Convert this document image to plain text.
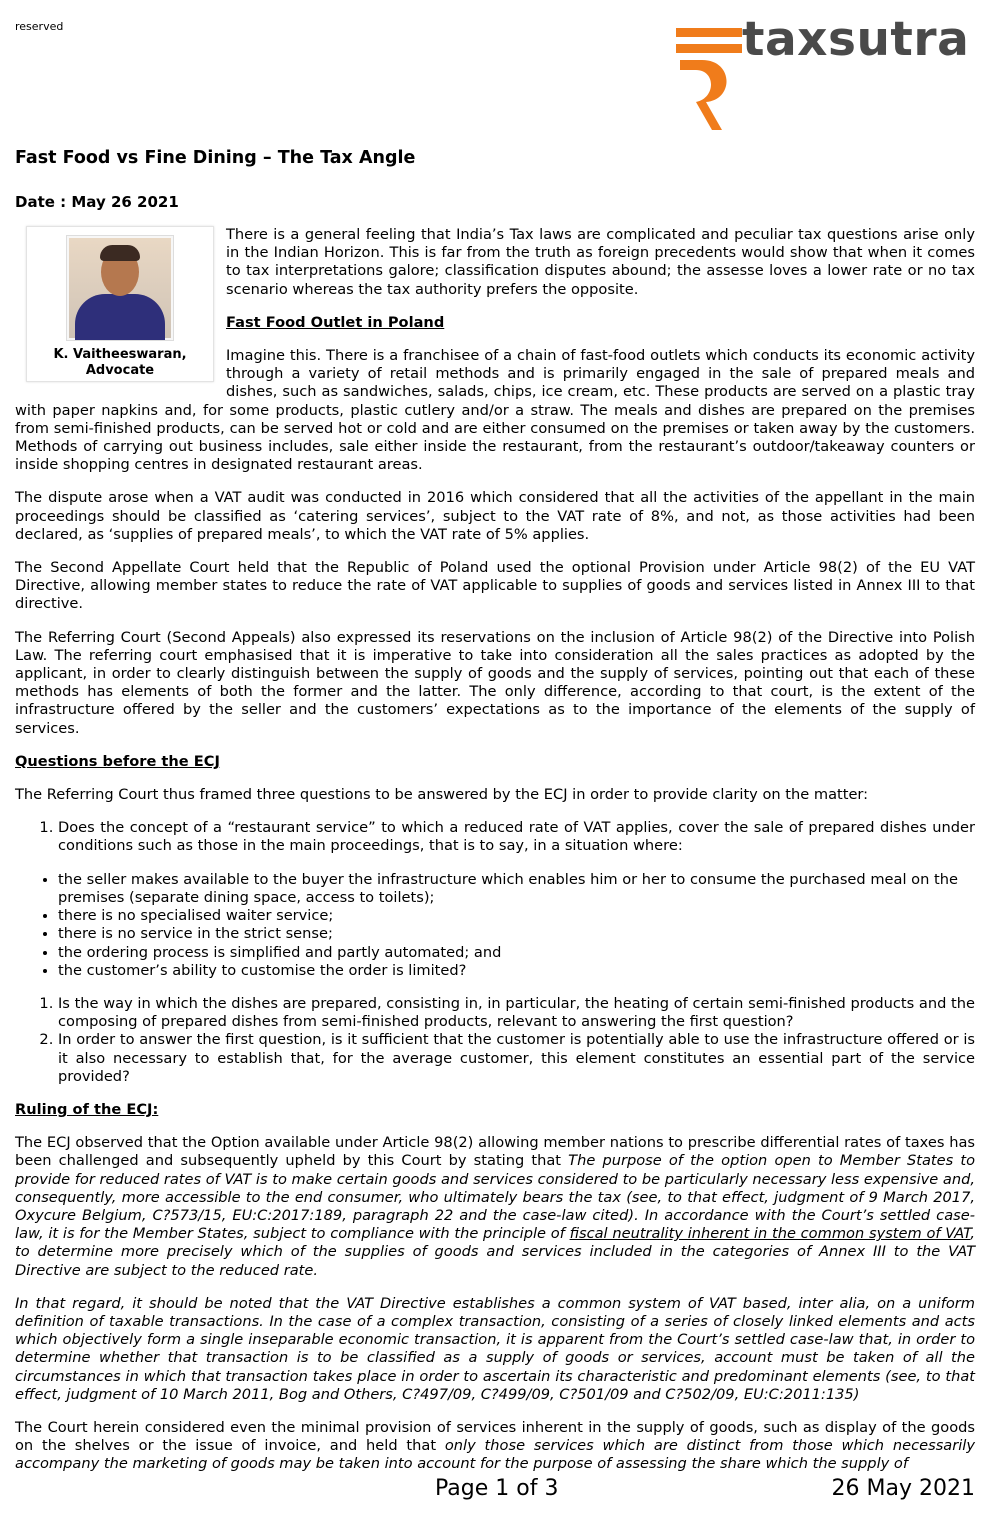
reserved	taxsutra
Fast Food vs Fine Dining – The Tax Angle
Date : May 26 2021
K. Vaitheeswaran,
Advocate

There is a general feeling that India’s Tax laws are complicated and peculiar tax questions arise only in the Indian Horizon. This is far from the truth as foreign precedents would show that when it comes to tax interpretations galore; classification disputes abound; the assesse loves a lower rate or no tax scenario whereas the tax authority prefers the opposite.

Fast Food Outlet in Poland

Imagine this. There is a franchisee of a chain of fast-food outlets which conducts its economic activity through a variety of retail methods and is primarily engaged in the sale of prepared meals and dishes, such as sandwiches, salads, chips, ice cream, etc. These products are served on a plastic tray with paper napkins and, for some products, plastic cutlery and/or a straw. The meals and dishes are prepared on the premises from semi-finished products, can be served hot or cold and are either consumed on the premises or taken away by the customers. Methods of carrying out business includes, sale either inside the restaurant, from the restaurant’s outdoor/takeaway counters or inside shopping centres in designated restaurant areas.

The dispute arose when a VAT audit was conducted in 2016 which considered that all the activities of the appellant in the main proceedings should be classified as ‘catering services’, subject to the VAT rate of 8%, and not, as those activities had been declared, as ‘supplies of prepared meals’, to which the VAT rate of 5% applies.

The Second Appellate Court held that the Republic of Poland used the optional Provision under Article 98(2) of the EU VAT Directive, allowing member states to reduce the rate of VAT applicable to supplies of goods and services listed in Annex III to that directive.

The Referring Court (Second Appeals) also expressed its reservations on the inclusion of Article 98(2) of the Directive into Polish Law. The referring court emphasised that it is imperative to take into consideration all the sales practices as adopted by the applicant, in order to clearly distinguish between the supply of goods and the supply of services, pointing out that each of these methods has elements of both the former and the latter. The only difference, according to that court, is the extent of the infrastructure offered by the seller and the customers’ expectations as to the importance of the elements of the supply of services.

Questions before the ECJ

The Referring Court thus framed three questions to be answered by the ECJ in order to provide clarity on the matter:

1. Does the concept of a “restaurant service” to which a reduced rate of VAT applies, cover the sale of prepared dishes under conditions such as those in the main proceedings, that is to say, in a situation where:
• the seller makes available to the buyer the infrastructure which enables him or her to consume the purchased meal on the premises (separate dining space, access to toilets);
• there is no specialised waiter service;
• there is no service in the strict sense;
• the ordering process is simplified and partly automated; and
• the customer’s ability to customise the order is limited?
1. Is the way in which the dishes are prepared, consisting in, in particular, the heating of certain semi-finished products and the composing of prepared dishes from semi-finished products, relevant to answering the first question?
2. In order to answer the first question, is it sufficient that the customer is potentially able to use the infrastructure offered or is it also necessary to establish that, for the average customer, this element constitutes an essential part of the service provided?
Ruling of the ECJ:

The ECJ observed that the Option available under Article 98(2) allowing member nations to prescribe differential rates of taxes has been challenged and subsequently upheld by this Court by stating that The purpose of the option open to Member States to provide for reduced rates of VAT is to make certain goods and services considered to be particularly necessary less expensive and, consequently, more accessible to the end consumer, who ultimately bears the tax (see, to that effect, judgment of 9 March 2017, Oxycure Belgium, C?573/15, EU:C:2017:189, paragraph 22 and the case-law cited). In accordance with the Court’s settled case-law, it is for the Member States, subject to compliance with the principle of fiscal neutrality inherent in the common system of VAT, to determine more precisely which of the supplies of goods and services included in the categories of Annex III to the VAT Directive are subject to the reduced rate.

In that regard, it should be noted that the VAT Directive establishes a common system of VAT based, inter alia, on a uniform definition of taxable transactions. In the case of a complex transaction, consisting of a series of closely linked elements and acts which objectively form a single inseparable economic transaction, it is apparent from the Court’s settled case-law that, in order to determine whether that transaction is to be classified as a supply of goods or services, account must be taken of all the circumstances in which that transaction takes place in order to ascertain its characteristic and predominant elements (see, to that effect, judgment of 10 March 2011, Bog and Others, C?497/09, C?499/09, C?501/09 and C?502/09, EU:C:2011:135)

The Court herein considered even the minimal provision of services inherent in the supply of goods, such as display of the goods on the shelves or the issue of invoice, and held that only those services which are distinct from those which necessarily accompany the marketing of goods may be taken into account for the purpose of assessing the share which the supply of

Page 1 of 3	26 May 2021
